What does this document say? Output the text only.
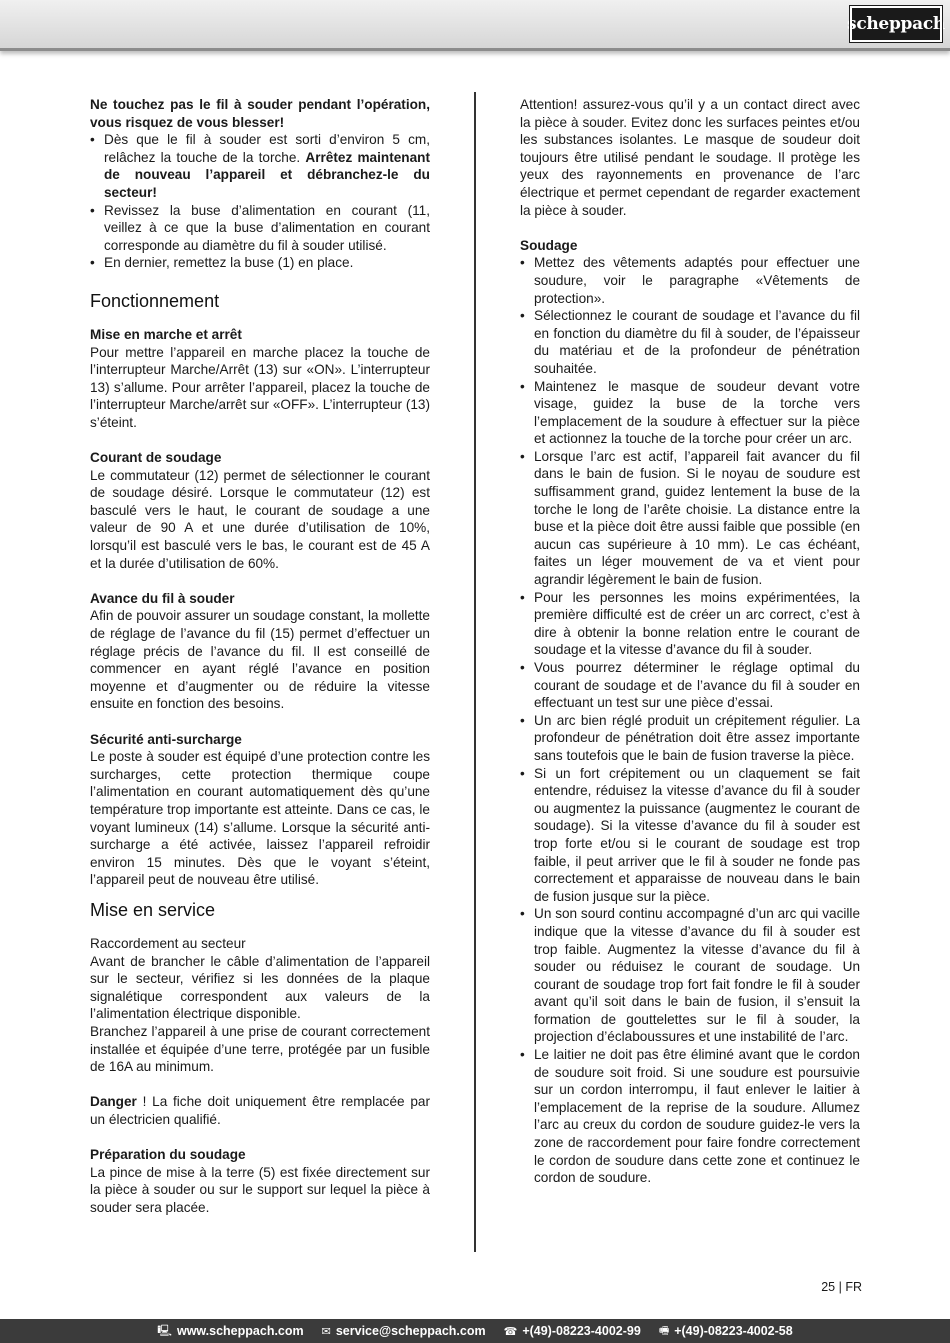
scheppach

Ne touchez pas le fil à souder pendant l’opération, vous risquez de vous blesser!

• Dès que le fil à souder est sorti d’environ 5 cm, relâchez la touche de la torche. Arrêtez maintenant de nouveau l’appareil et débranchez-le du secteur!
• Revissez la buse d’alimentation en courant (11, veillez à ce que la buse d’alimentation en courant corresponde au diamètre du fil à souder utilisé.
• En dernier, remettez la buse (1) en place.

Fonctionnement

Mise en marche et arrêt

Pour mettre l’appareil en marche placez la touche de l’interrupteur Marche/Arrêt (13) sur «ON». L’interrupteur 13) s’allume. Pour arrêter l’appareil, placez la touche de l’interrupteur Marche/arrêt sur «OFF». L’interrupteur (13) s’éteint.

Courant de soudage

Le commutateur (12) permet de sélectionner le courant de soudage désiré. Lorsque le commutateur (12) est basculé vers le haut, le courant de soudage a une valeur de 90 A et une durée d’utilisation de 10%, lorsqu’il est basculé vers le bas, le courant est de 45 A et la durée d’utilisation de 60%.

Avance du fil à souder

Afin de pouvoir assurer un soudage constant, la mollette de réglage de l’avance du fil (15) permet d’effectuer un réglage précis de l’avance du fil. Il est conseillé de commencer en ayant réglé l’avance en position moyenne et d’augmenter ou de réduire la vitesse ensuite en fonction des besoins.

Sécurité anti-surcharge

Le poste à souder est équipé d’une protection contre les surcharges, cette protection thermique coupe l’alimentation en courant automatiquement dès qu’une température trop importante est atteinte. Dans ce cas, le voyant lumineux (14) s’allume. Lorsque la sécurité anti-surcharge a été activée, laissez l’appareil refroidir environ 15 minutes. Dès que le voyant s’éteint, l’appareil peut de nouveau être utilisé.

Mise en service

Raccordement au secteur

Avant de brancher le câble d’alimentation de l’appareil sur le secteur, vérifiez si les données de la plaque signalétique correspondent aux valeurs de la l’alimentation électrique disponible.

Branchez l’appareil à une prise de courant correctement installée et équipée d’une terre, protégée par un fusible de 16A au minimum.

Danger ! La fiche doit uniquement être remplacée par un électricien qualifié.

Préparation du soudage

La pince de mise à la terre (5) est fixée directement sur la pièce à souder ou sur le support sur lequel la pièce à souder sera placée.

Attention! assurez-vous qu’il y a un contact direct avec la pièce à souder. Evitez donc les surfaces peintes et/ou les substances isolantes. Le masque de soudeur doit toujours être utilisé pendant le soudage. Il protège les yeux des rayonnements en provenance de l’arc électrique et permet cependant de regarder exactement la pièce à souder.

Soudage

• Mettez des vêtements adaptés pour effectuer une soudure, voir le paragraphe «Vêtements de protection».
• Sélectionnez le courant de soudage et l’avance du fil en fonction du diamètre du fil à souder, de l’épaisseur du matériau et de la profondeur de pénétration souhaitée.
• Maintenez le masque de soudeur devant votre visage, guidez la buse de la torche vers l’emplacement de la soudure à effectuer sur la pièce et actionnez la touche de la torche pour créer un arc.
• Lorsque l’arc est actif, l’appareil fait avancer du fil dans le bain de fusion. Si le noyau de soudure est suffisamment grand, guidez lentement la buse de la torche le long de l’arête choisie. La distance entre la buse et la pièce doit être aussi faible que possible (en aucun cas supérieure à 10 mm). Le cas échéant, faites un léger mouvement de va et vient pour agrandir légèrement le bain de fusion.
• Pour les personnes les moins expérimentées, la première difficulté est de créer un arc correct, c’est à dire à obtenir la bonne relation entre le courant de soudage et la vitesse d’avance du fil à souder.
• Vous pourrez déterminer le réglage optimal du courant de soudage et de l’avance du fil à souder en effectuant un test sur une pièce d’essai.
• Un arc bien réglé produit un crépitement régulier. La profondeur de pénétration doit être assez importante sans toutefois que le bain de fusion traverse la pièce.
• Si un fort crépitement ou un claquement se fait entendre, réduisez la vitesse d’avance du fil à souder ou augmentez la puissance (augmentez le courant de soudage). Si la vitesse d’avance du fil à souder est trop forte et/ou si le courant de soudage est trop faible, il peut arriver que le fil à souder ne fonde pas correctement et apparaisse de nouveau dans le bain de fusion jusque sur la pièce.
• Un son sourd continu accompagné d’un arc qui vacille indique que la vitesse d’avance du fil à souder est trop faible. Augmentez la vitesse d’avance du fil à souder ou réduisez le courant de soudage. Un courant de soudage trop fort fait fondre le fil à souder avant qu’il soit dans le bain de fusion, il s’ensuit la formation de gouttelettes sur le fil à souder, la projection d’éclaboussures et une instabilité de l’arc.
• Le laitier ne doit pas être éliminé avant que le cordon de soudure soit froid. Si une soudure est poursuivie sur un cordon interrompu, il faut enlever le laitier à l’emplacement de la reprise de la soudure. Allumez l’arc au creux du cordon de soudure guidez-le vers la zone de raccordement pour faire fondre correctement le cordon de soudure dans cette zone et continuez le cordon de soudure.
25 | FR
🖳 www.scheppach.com ✉ service@scheppach.com ☎ +(49)-08223-4002-99 🖷 +(49)-08223-4002-58
